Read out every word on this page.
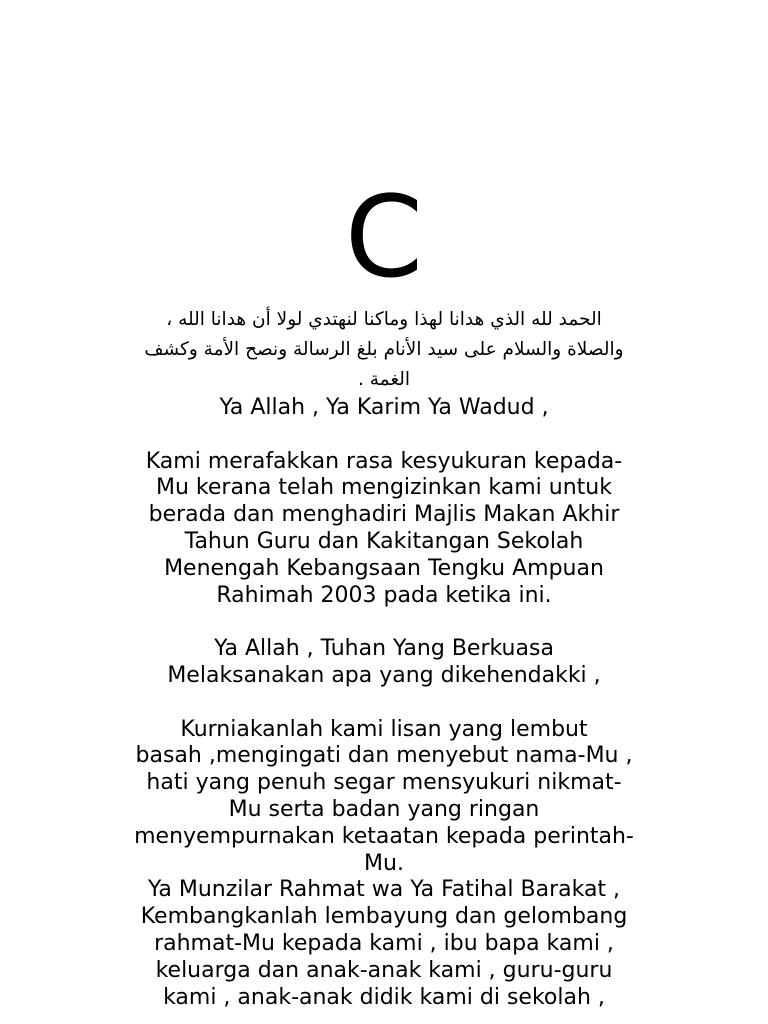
C
الحمد لله الذي هدانا لهذا وماكنا لنهتدي لولا أن هدانا الله ،
والصلاة والسلام على سيد الأنام بلغ الرسالة ونصح الأمة وكشف
الغمة .
Ya Allah , Ya Karim Ya Wadud ,
Kami merafakkan rasa kesyukuran kepada-
Mu kerana telah mengizinkan kami untuk
berada dan menghadiri Majlis Makan Akhir
Tahun Guru dan Kakitangan Sekolah
Menengah Kebangsaan Tengku Ampuan
Rahimah 2003 pada ketika ini.
Ya Allah , Tuhan Yang Berkuasa
Melaksanakan apa yang dikehendakki ,
Kurniakanlah kami lisan yang lembut
basah ,mengingati dan menyebut nama-Mu ,
hati yang penuh segar mensyukuri nikmat-
Mu serta badan yang ringan
menyempurnakan ketaatan kepada perintah-
Mu.
Ya Munzilar Rahmat wa Ya Fatihal Barakat ,
Kembangkanlah lembayung dan gelombang
rahmat-Mu kepada kami , ibu bapa kami ,
keluarga dan anak-anak kami , guru-guru
kami , anak-anak didik kami di sekolah ,
